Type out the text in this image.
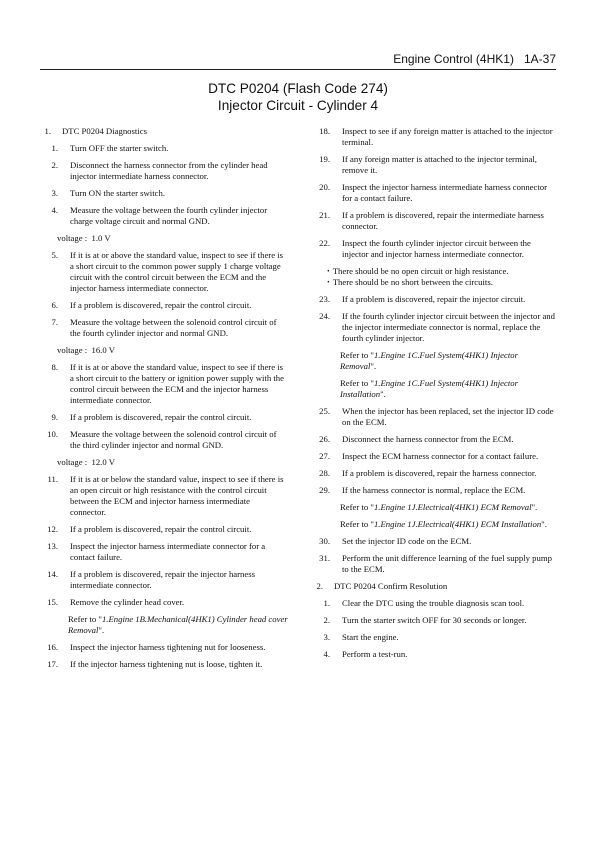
Engine Control (4HK1) 1A-37
DTC P0204 (Flash Code 274)
Injector Circuit - Cylinder 4
1. DTC P0204 Diagnostics
1. Turn OFF the starter switch.
2. Disconnect the harness connector from the cylinder head injector intermediate harness connector.
3. Turn ON the starter switch.
4. Measure the voltage between the fourth cylinder injector charge voltage circuit and normal GND.
voltage :  1.0 V
5. If it is at or above the standard value, inspect to see if there is a short circuit to the common power supply 1 charge voltage circuit with the control circuit between the ECM and the injector harness intermediate connector.
6. If a problem is discovered, repair the control circuit.
7. Measure the voltage between the solenoid control circuit of the fourth cylinder injector and normal GND.
voltage :  16.0 V
8. If it is at or above the standard value, inspect to see if there is a short circuit to the battery or ignition power supply with the control circuit between the ECM and the injector harness intermediate connector.
9. If a problem is discovered, repair the control circuit.
10. Measure the voltage between the solenoid control circuit of the third cylinder injector and normal GND.
voltage :  12.0 V
11. If it is at or below the standard value, inspect to see if there is an open circuit or high resistance with the control circuit between the ECM and injector harness intermediate connector.
12. If a problem is discovered, repair the control circuit.
13. Inspect the injector harness intermediate connector for a contact failure.
14. If a problem is discovered, repair the injector harness intermediate connector.
15. Remove the cylinder head cover.
Refer to "1.Engine 1B.Mechanical(4HK1) Cylinder head cover Removal".
16. Inspect the injector harness tightening nut for looseness.
17. If the injector harness tightening nut is loose, tighten it.
18. Inspect to see if any foreign matter is attached to the injector terminal.
19. If any foreign matter is attached to the injector terminal, remove it.
20. Inspect the injector harness intermediate harness connector for a contact failure.
21. If a problem is discovered, repair the intermediate harness connector.
22. Inspect the fourth cylinder injector circuit between the injector and injector harness intermediate connector.
・There should be no open circuit or high resistance.
・There should be no short between the circuits.
23. If a problem is discovered, repair the injector circuit.
24. If the fourth cylinder injector circuit between the injector and the injector intermediate connector is normal, replace the fourth cylinder injector.
Refer to "1.Engine 1C.Fuel System(4HK1) Injector Removal".
Refer to "1.Engine 1C.Fuel System(4HK1) Injector Installation".
25. When the injector has been replaced, set the injector ID code on the ECM.
26. Disconnect the harness connector from the ECM.
27. Inspect the ECM harness connector for a contact failure.
28. If a problem is discovered, repair the harness connector.
29. If the harness connector is normal, replace the ECM.
Refer to "1.Engine 1J.Electrical(4HK1) ECM Removal".
Refer to "1.Engine 1J.Electrical(4HK1) ECM Installation".
30. Set the injector ID code on the ECM.
31. Perform the unit difference learning of the fuel supply pump to the ECM.
2. DTC P0204 Confirm Resolution
1. Clear the DTC using the trouble diagnosis scan tool.
2. Turn the starter switch OFF for 30 seconds or longer.
3. Start the engine.
4. Perform a test-run.
